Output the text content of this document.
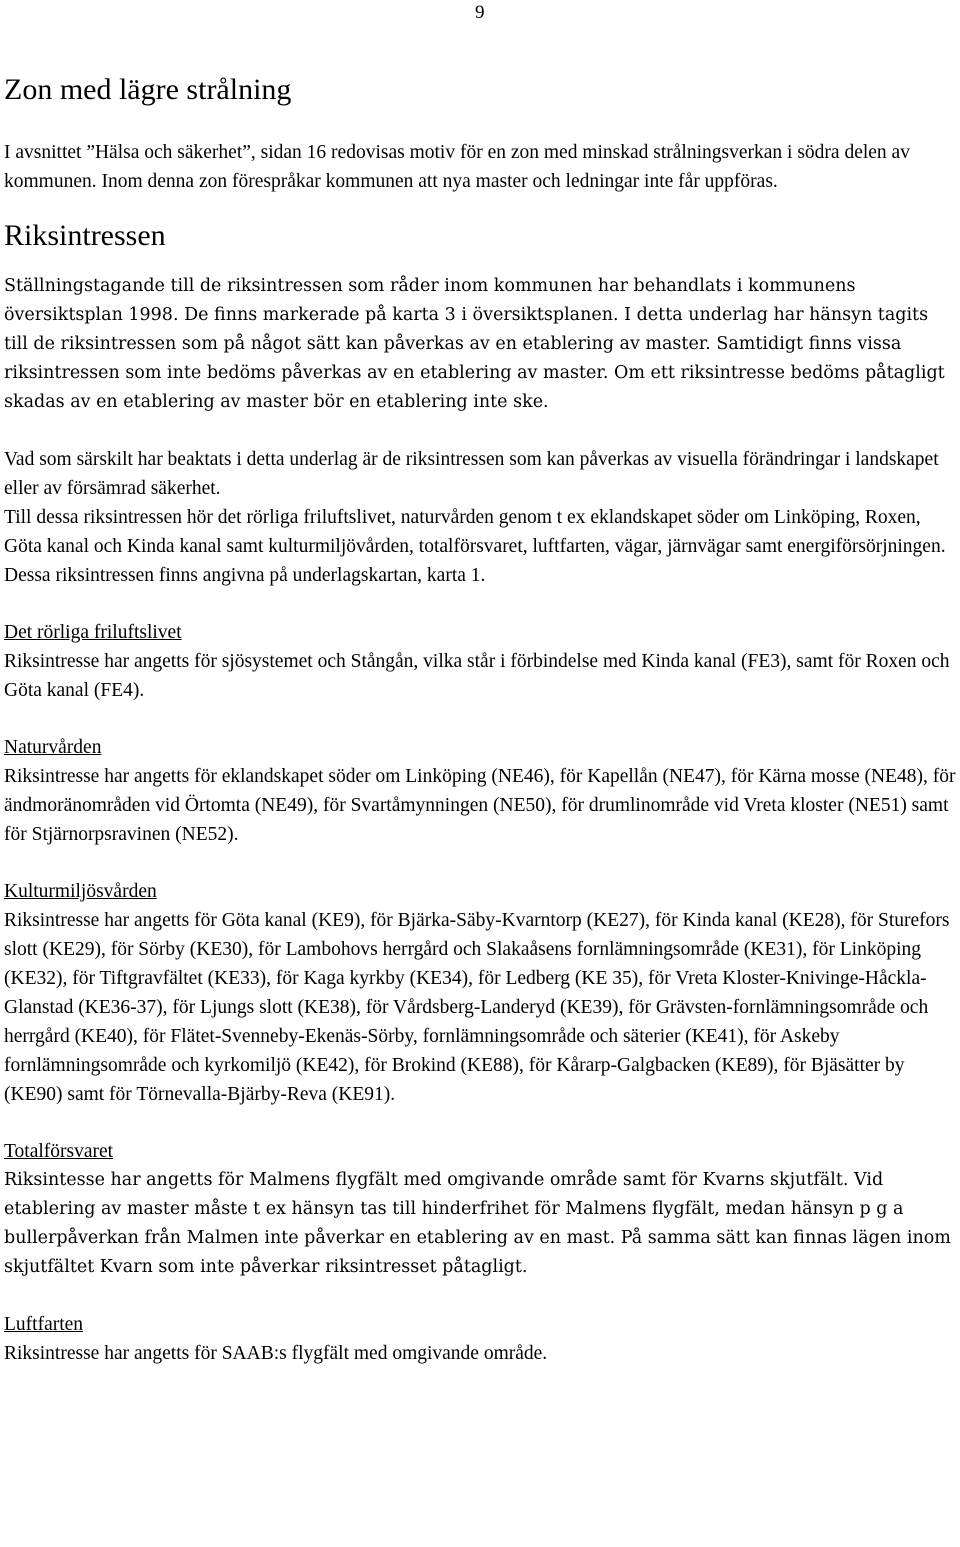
9
Zon med lägre strålning

I avsnittet ”Hälsa och säkerhet”, sidan 16 redovisas motiv för en zon med minskad strålningsverkan i södra delen av kommunen. Inom denna zon förespråkar kommunen att nya master och ledningar inte får uppföras.

Riksintressen

Ställningstagande till de riksintressen som råder inom kommunen har behandlats i kommunens översiktsplan 1998. De finns markerade på karta 3 i översiktsplanen. I detta underlag har hänsyn tagits till de riksintressen som på något sätt kan påverkas av en etablering av master. Samtidigt finns vissa riksintressen som inte bedöms påverkas av en etablering av master. Om ett riksintresse bedöms påtagligt skadas av en etablering av master bör en etablering inte ske.

Vad som särskilt har beaktats i detta underlag är de riksintressen som kan påverkas av visuella förändringar i landskapet eller av försämrad säkerhet.

Till dessa riksintressen hör det rörliga friluftslivet, naturvården genom t ex eklandskapet söder om Linköping, Roxen, Göta kanal och Kinda kanal samt kulturmiljövården, totalförsvaret, luftfarten, vägar, järnvägar samt energiförsörjningen.

Dessa riksintressen finns angivna på underlagskartan, karta 1.

Det rörliga friluftslivet

Riksintresse har angetts för sjösystemet och Stångån, vilka står i förbindelse med Kinda kanal (FE3), samt för Roxen och Göta kanal (FE4).

Naturvården

Riksintresse har angetts för eklandskapet söder om Linköping (NE46), för Kapellån (NE47), för Kärna mosse (NE48), för ändmoränområden vid Örtomta (NE49), för Svartåmynningen (NE50), för drumlinområde vid Vreta kloster (NE51) samt för Stjärnorpsravinen (NE52).

Kulturmiljösvården

Riksintresse har angetts för Göta kanal (KE9), för Bjärka-Säby-Kvarntorp (KE27), för Kinda kanal (KE28), för Sturefors slott (KE29), för Sörby (KE30), för Lambohovs herrgård och Slakaåsens fornlämningsområde (KE31), för Linköping (KE32), för Tiftgravfältet (KE33), för Kaga kyrkby (KE34), för Ledberg (KE 35), för Vreta Kloster-Knivinge-Håckla-Glanstad (KE36-37), för Ljungs slott (KE38), för Vårdsberg-Landeryd (KE39), för Grävsten-fornlämningsområde och herrgård (KE40), för Flätet-Svenneby-Ekenäs-Sörby, fornlämningsområde och säterier (KE41), för Askeby fornlämningsområde och kyrkomiljö (KE42), för Brokind (KE88), för Kårarp-Galgbacken (KE89), för Bjäsätter by (KE90) samt för Törnevalla-Bjärby-Reva (KE91).

Totalförsvaret

Riksintesse har angetts för Malmens flygfält med omgivande område samt för Kvarns skjutfält. Vid etablering av master måste t ex hänsyn tas till hinderfrihet för Malmens flygfält, medan hänsyn p g a bullerpåverkan från Malmen inte påverkar en etablering av en mast. På samma sätt kan finnas lägen inom skjutfältet Kvarn som inte påverkar riksintresset påtagligt.

Luftfarten

Riksintresse har angetts för SAAB:s flygfält med omgivande område.
